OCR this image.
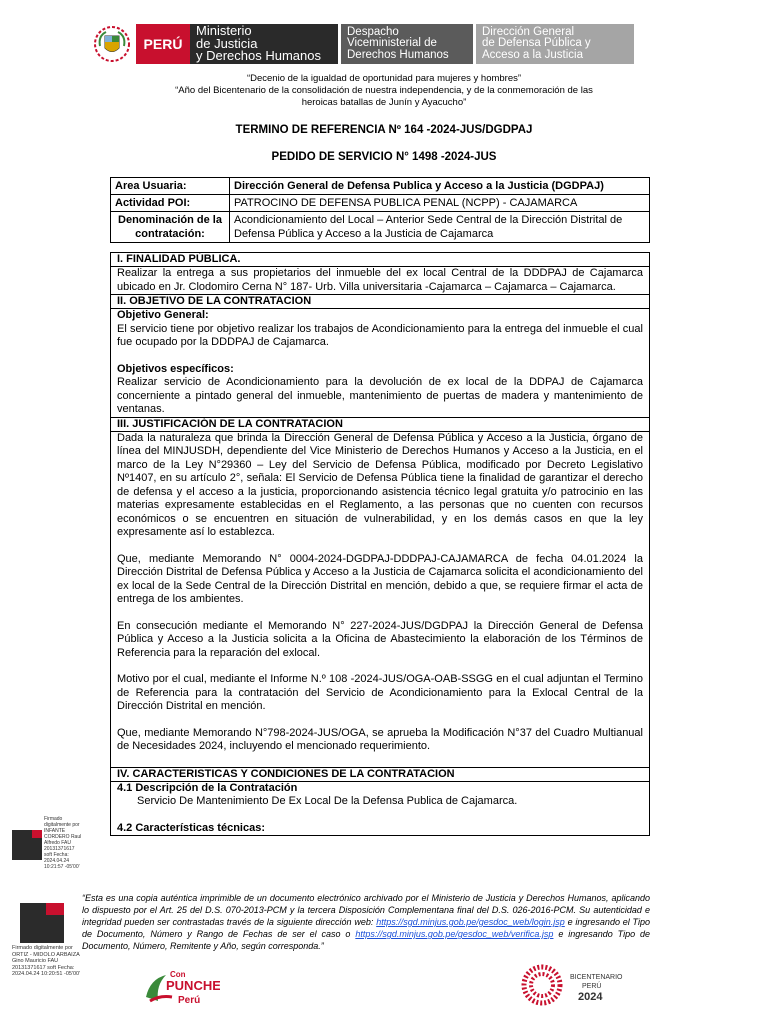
PERÚ
Ministerio
de Justicia
y Derechos Humanos
Despacho
Viceministerial de
Derechos Humanos
Dirección General
de Defensa Pública y
Acceso a la Justicia
“Decenio de la igualdad de oportunidad para mujeres y hombres”
“Año del Bicentenario de la consolidación de nuestra independencia, y de la conmemoración de las
heroicas batallas de Junín y Ayacucho”
TERMINO DE REFERENCIA Nº 164 -2024-JUS/DGDPAJ
PEDIDO DE SERVICIO N° 1498 -2024-JUS
Area Usuaria:	Dirección General de Defensa Publica y Acceso a la Justicia (DGDPAJ)
Actividad POI:	PATROCINO DE DEFENSA PUBLICA PENAL (NCPP) - CAJAMARCA
Denominación de la contratación:	Acondicionamiento del Local – Anterior Sede Central de la Dirección Distrital de Defensa Pública y Acceso a la Justicia de Cajamarca
I. FINALIDAD PÚBLICA.
Realizar la entrega a sus propietarios del inmueble del ex local Central de la DDDPAJ de Cajamarca ubicado en Jr. Clodomiro Cerna N° 187- Urb. Villa universitaria -Cajamarca – Cajamarca – Cajamarca.
II. OBJETIVO DE LA CONTRATACION
Objetivo General:
El servicio tiene por objetivo realizar los trabajos de Acondicionamiento para la entrega del inmueble el cual fue ocupado por la DDDPAJ de Cajamarca.
Objetivos específicos:
Realizar servicio de Acondicionamiento para la devolución de ex local de la DDPAJ de Cajamarca concerniente a pintado general del inmueble, mantenimiento de puertas de madera y mantenimiento de ventanas.
III. JUSTIFICACIÓN DE LA CONTRATACION
Dada la naturaleza que brinda la Dirección General de Defensa Pública y Acceso a la Justicia, órgano de línea del MINJUSDH, dependiente del Vice Ministerio de Derechos Humanos y Acceso a la Justicia, en el marco de la Ley N°29360 – Ley del Servicio de Defensa Pública, modificado por Decreto Legislativo Nº1407, en su artículo 2°, señala: El Servicio de Defensa Pública tiene la finalidad de garantizar el derecho de defensa y el acceso a la justicia, proporcionando asistencia técnico legal gratuita y/o patrocinio en las materias expresamente establecidas en el Reglamento, a las personas que no cuenten con recursos económicos o se encuentren en situación de vulnerabilidad, y en los demás casos en que la ley expresamente así lo establezca.
Que, mediante Memorando N° 0004-2024-DGDPAJ-DDDPAJ-CAJAMARCA de fecha 04.01.2024 la Dirección Distrital de Defensa Pública y Acceso a la Justicia de Cajamarca solicita el acondicionamiento del ex local de la Sede Central de la Dirección Distrital en mención, debido a que, se requiere firmar el acta de entrega de los ambientes.
En consecución mediante el Memorando N° 227-2024-JUS/DGDPAJ la Dirección General de Defensa Pública y Acceso a la Justicia solicita a la Oficina de Abastecimiento la elaboración de los Términos de Referencia para la reparación del exlocal.
Motivo por el cual, mediante el Informe N.º 108 -2024-JUS/OGA-OAB-SSGG en el cual adjuntan el Termino de Referencia para la contratación del Servicio de Acondicionamiento para la Exlocal Central de la Dirección Distrital en mención.
Que, mediante Memorando N°798-2024-JUS/OGA, se aprueba la Modificación N°37 del Cuadro Multianual de Necesidades 2024, incluyendo el mencionado requerimiento.
IV. CARACTERISTICAS Y CONDICIONES DE LA CONTRATACION
4.1 Descripción de la Contratación
Servicio De Mantenimiento De Ex Local De la Defensa Publica de Cajamarca.
4.2 Características técnicas:
Firmado digitalmente por INFANTE CORDERO Raul Alfredo FAU 20131371617 soft Fecha: 2024.04.24 10:21:57 -05'00'
Firmado digitalmente por ORTIZ - MIDOLO ARBAIZA Gino Mauricio FAU 20131371617 soft Fecha: 2024.04.24 10:20:51 -05'00'
“Esta es una copia auténtica imprimible de un documento electrónico archivado por el Ministerio de Justicia y Derechos Humanos, aplicando lo dispuesto por el Art. 25 del D.S. 070-2013-PCM y la tercera Disposición Complementana final del D.S. 026-2016-PCM. Su autenticidad e integridad pueden ser contrastadas través de la siguiente dirección web: https://sgd.minjus.gob.pe/gesdoc_web/login.jsp e ingresando el Tipo de Documento, Número y Rango de Fechas de ser el caso o https://sgd.minjus.gob.pe/gesdoc_web/verifica.jsp e ingresando Tipo de Documento, Número, Remitente y Año, según corresponda.”
Con
PUNCHE
Perú
BICENTENARIO
PERÚ
2024
